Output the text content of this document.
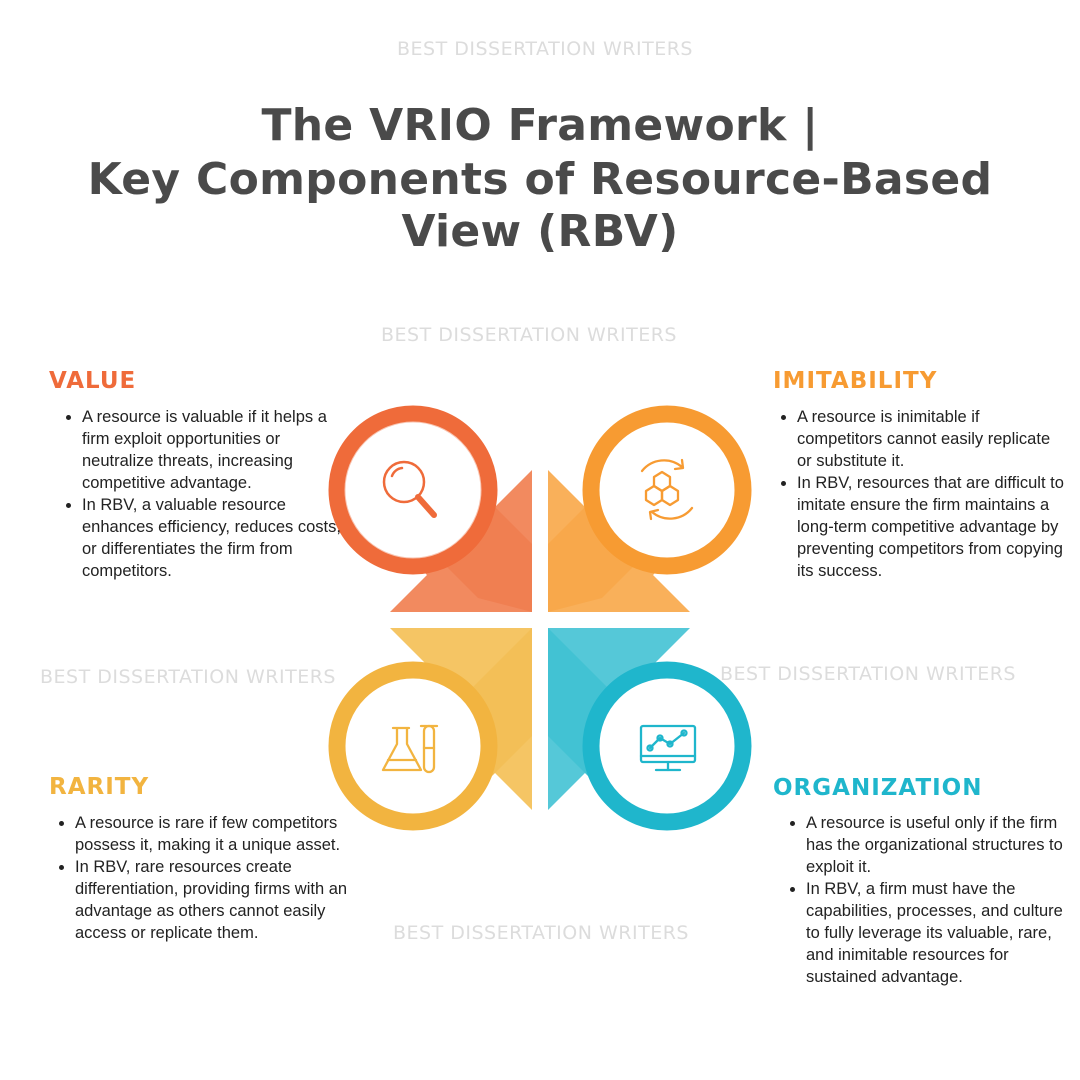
BEST DISSERTATION WRITERS
BEST DISSERTATION WRITERS
BEST DISSERTATION WRITERS	BEST DISSERTATION WRITERS
BEST DISSERTATION WRITERS
The VRIO Framework |
Key Components of Resource-Based
View (RBV)
VALUE
• A resource is valuable if it helps a firm exploit opportunities or neutralize threats, increasing competitive advantage.
• In RBV, a valuable resource enhances efficiency, reduces costs, or differentiates the firm from competitors.
IMITABILITY
• A resource is inimitable if competitors cannot easily replicate or substitute it.
• In RBV, resources that are difficult to imitate ensure the firm maintains a long-term competitive advantage by preventing competitors from copying its success.
RARITY
• A resource is rare if few competitors possess it, making it a unique asset.
• In RBV, rare resources create differentiation, providing firms with an advantage as others cannot easily access or replicate them.
ORGANIZATION
• A resource is useful only if the firm has the organizational structures to exploit it.
• In RBV, a firm must have the capabilities, processes, and culture to fully leverage its valuable, rare, and inimitable resources for sustained advantage.
